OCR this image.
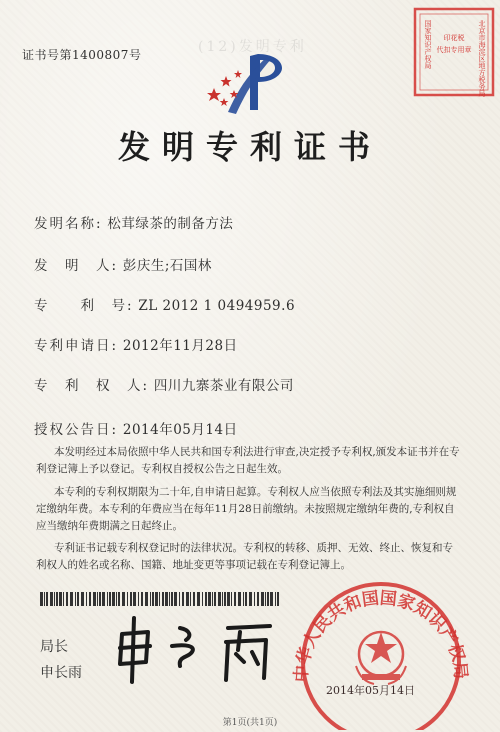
北京市海淀区地方税务局
印花税
代扣专用章
国家知识产权局
(12)发明专利
证书号第1400807号
发明专利证书
发明名称: 松茸绿茶的制备方法
发　明　人: 彭庆生;石国林
专　　利　号: ZL 2012 1 0494959.6
专利申请日: 2012年11月28日
专　利　权　人: 四川九寨茶业有限公司
授权公告日: 2014年05月14日
本发明经过本局依照中华人民共和国专利法进行审查,决定授予专利权,颁发本证书并在专利登记簿上予以登记。专利权自授权公告之日起生效。
本专利的专利权期限为二十年,自申请日起算。专利权人应当依照专利法及其实施细则规定缴纳年费。本专利的年费应当在每年11月28日前缴纳。未按照规定缴纳年费的,专利权自应当缴纳年费期满之日起终止。
专利证书记载专利权登记时的法律状况。专利权的转移、质押、无效、终止、恢复和专利权人的姓名或名称、国籍、地址变更等事项记载在专利登记簿上。
局长
申长雨	中华人民共和国国家知识产权局
2014年05月14日
第1页(共1页)
